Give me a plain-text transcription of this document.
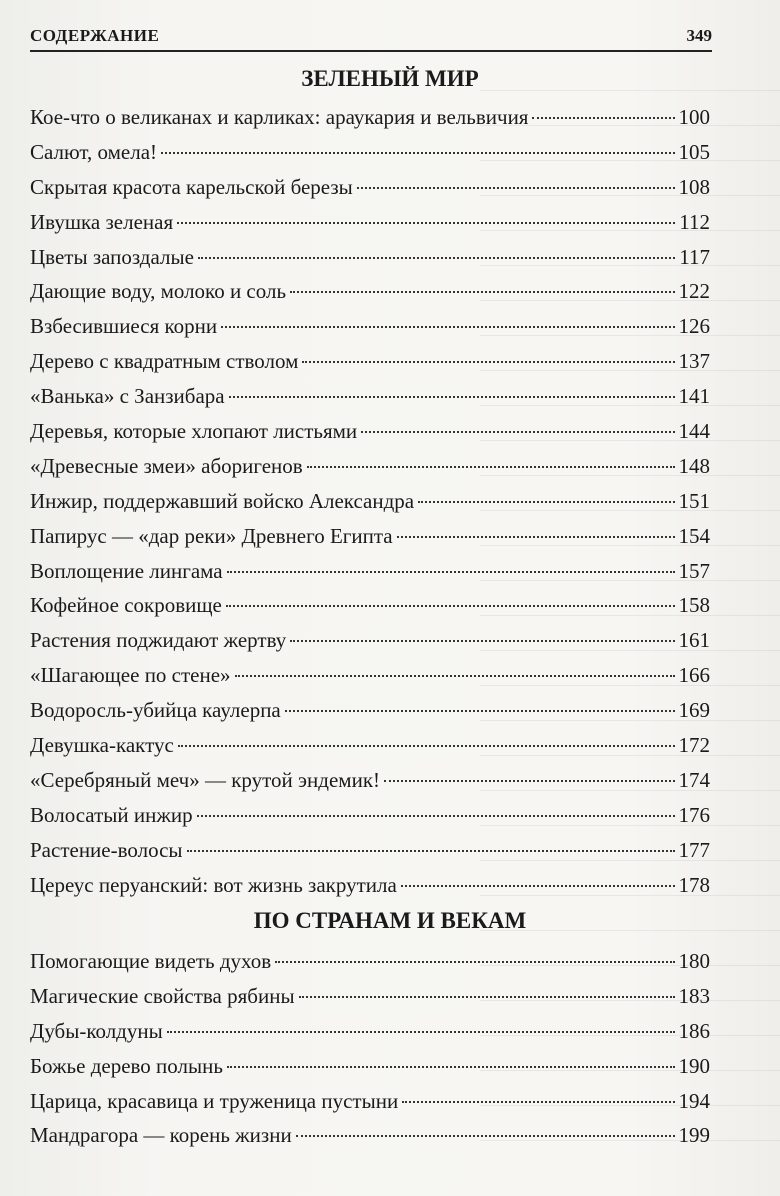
СОДЕРЖАНИЕ	349
ЗЕЛЕНЫЙ МИР
Кое-что о великанах и карликах: араукария и вельвичия	100
Салют, омела!	105
Скрытая красота карельской березы	108
Ивушка зеленая	112
Цветы запоздалые	117
Дающие воду, молоко и соль	122
Взбесившиеся корни	126
Дерево с квадратным стволом	137
«Ванька» с Занзибара	141
Деревья, которые хлопают листьями	144
«Древесные змеи» аборигенов	148
Инжир, поддержавший войско Александра	151
Папирус — «дар реки» Древнего Египта	154
Воплощение лингама	157
Кофейное сокровище	158
Растения поджидают жертву	161
«Шагающее по стене»	166
Водоросль-убийца каулерпа	169
Девушка-кактус	172
«Серебряный меч» — крутой эндемик!	174
Волосатый инжир	176
Растение-волосы	177
Цереус перуанский: вот жизнь закрутила	178
ПО СТРАНАМ И ВЕКАМ
Помогающие видеть духов	180
Магические свойства рябины	183
Дубы-колдуны	186
Божье дерево полынь	190
Царица, красавица и труженица пустыни	194
Мандрагора — корень жизни	199
